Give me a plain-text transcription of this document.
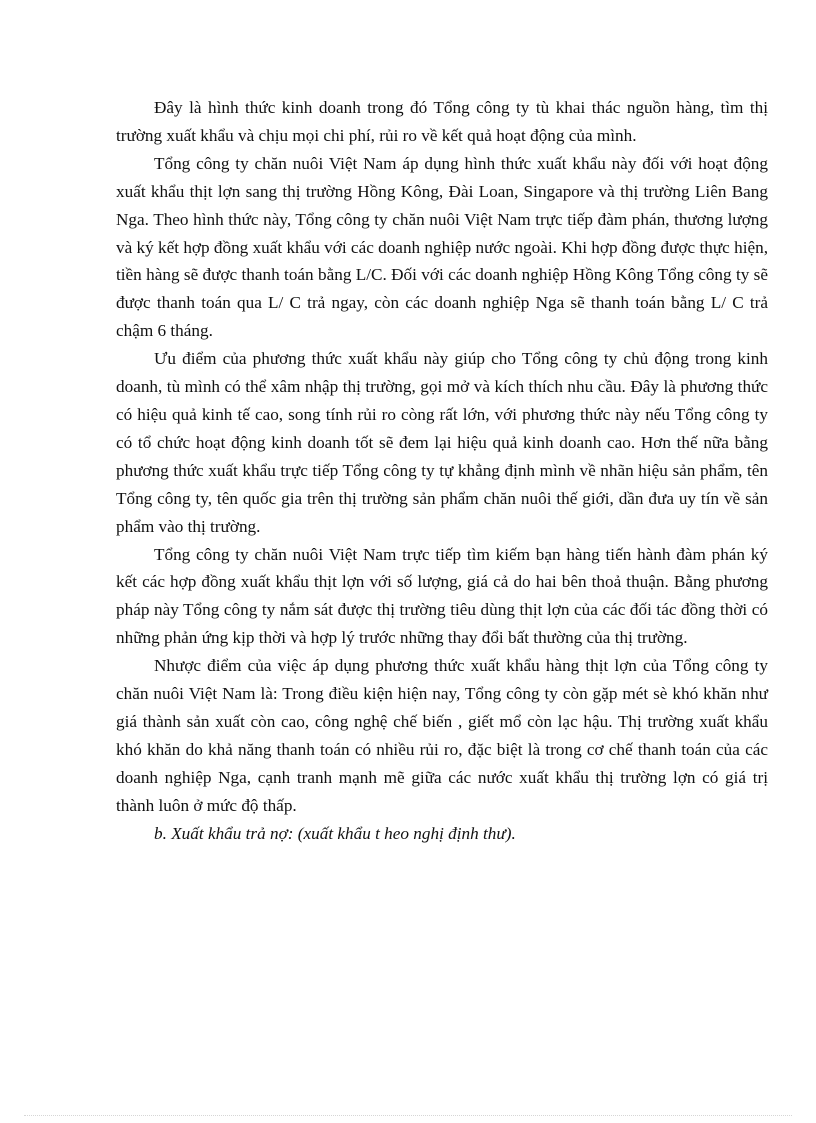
Đây là hình thức kinh doanh trong đó Tổng công ty tù khai thác nguồn hàng, tìm thị trường xuất khẩu và chịu mọi chi phí, rủi ro về kết quả hoạt động của mình.

Tổng công ty chăn nuôi Việt Nam áp dụng hình thức xuất khẩu này đối với hoạt động xuất khẩu thịt lợn sang thị trường Hồng Kông, Đài Loan, Singapore và thị trường Liên Bang Nga. Theo hình thức này, Tổng công ty chăn nuôi Việt Nam trực tiếp đàm phán, thương lượng và ký kết hợp đồng xuất khẩu với các doanh nghiệp nước ngoài. Khi hợp đồng được thực hiện, tiền hàng sẽ được thanh toán bằng L/C. Đối với các doanh nghiệp Hồng Kông Tổng công ty sẽ được thanh toán qua L/ C trả ngay, còn các doanh nghiệp Nga sẽ thanh toán bằng L/ C trả chậm 6 tháng.

Ưu điểm của phương thức xuất khẩu này giúp cho Tổng công ty chủ động trong kinh doanh, tù mình có thể xâm nhập thị trường, gọi mở và kích thích nhu cầu. Đây là phương thức có hiệu quả kinh tế cao, song tính rủi ro còng rất lớn, với phương thức này nếu Tổng công ty có tổ chức hoạt động kinh doanh tốt sẽ đem lại hiệu quả kinh doanh cao. Hơn thế nữa bằng phương thức xuất khẩu trực tiếp Tổng công ty tự khẳng định mình về nhãn hiệu sản phẩm, tên Tổng công ty, tên quốc gia trên thị trường sản phẩm chăn nuôi thế giới, dần đưa uy tín về sản phẩm vào thị trường.

Tổng công ty chăn nuôi Việt Nam trực tiếp tìm kiếm bạn hàng tiến hành đàm phán ký kết các hợp đồng xuất khẩu thịt lợn với số lượng, giá cả do hai bên thoả thuận. Bằng phương pháp này Tổng công ty nắm sát được thị trường tiêu dùng thịt lợn của các đối tác đồng thời có những phản ứng kịp thời và hợp lý trước những thay đổi bất thường của thị trường.

Nhược điểm của việc áp dụng phương thức xuất khẩu hàng thịt lợn của Tổng công ty chăn nuôi Việt Nam là: Trong điều kiện hiện nay, Tổng công ty còn gặp mét sè khó khăn như giá thành sản xuất còn cao, công nghệ chế biến , giết mổ còn lạc hậu. Thị trường xuất khẩu khó khăn do khả năng thanh toán có nhiều rủi ro, đặc biệt là trong cơ chế thanh toán của các doanh nghiệp Nga, cạnh tranh mạnh mẽ giữa các nước xuất khẩu thị trường lợn có giá trị thành luôn ở mức độ thấp.

b. Xuất khẩu trả nợ: (xuất khẩu t heo nghị định thư).
